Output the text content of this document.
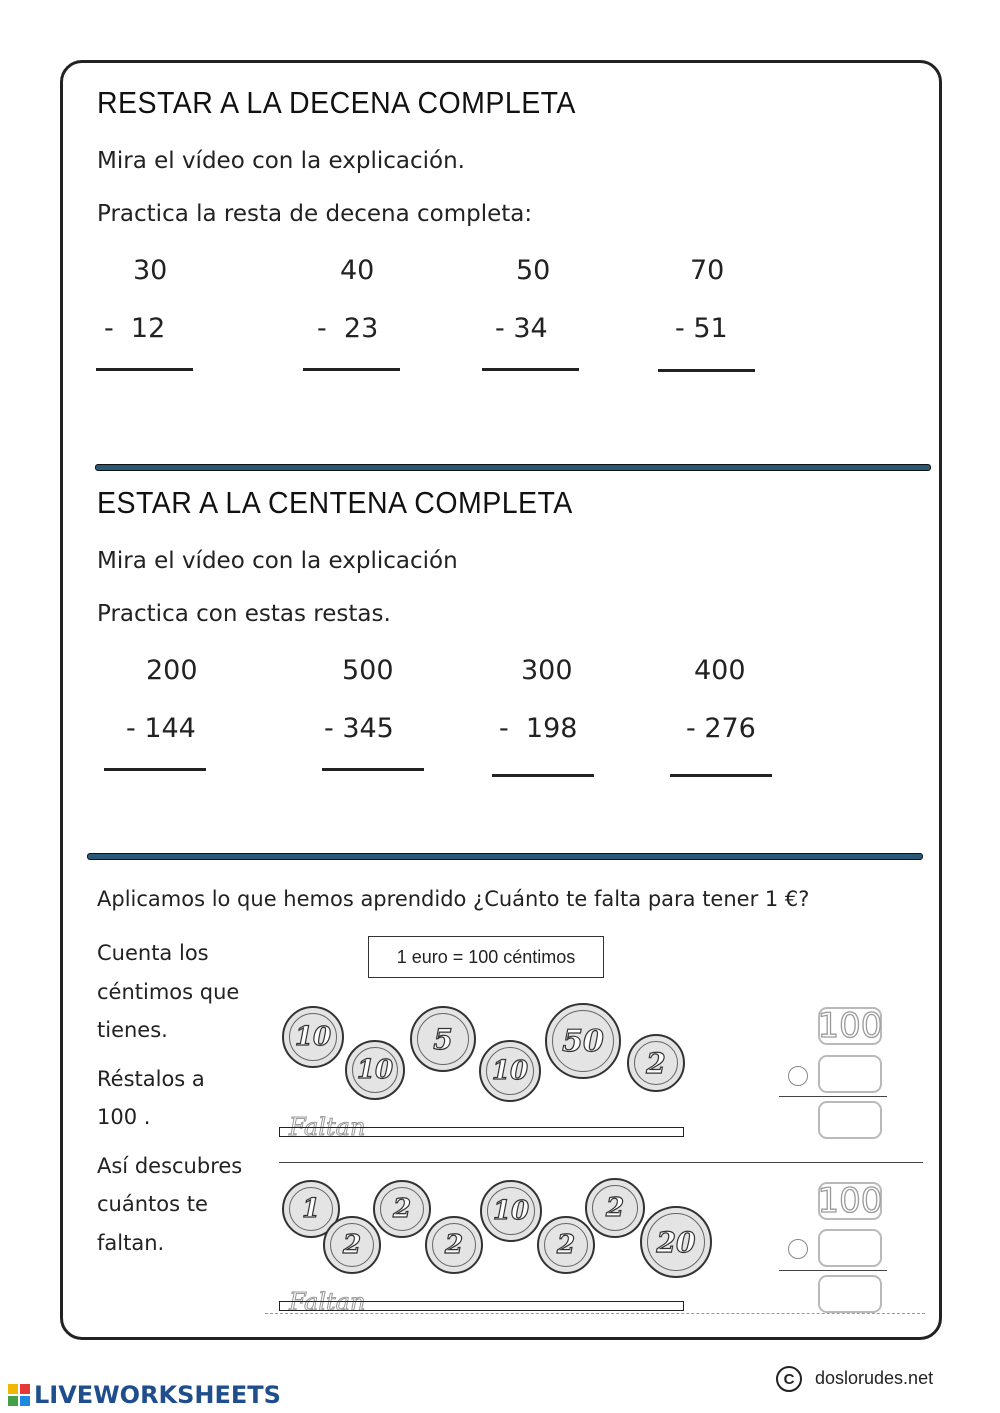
RESTAR A LA DECENA COMPLETA
Mira el vídeo con la explicación.
Practica la resta de decena completa:
30
-  12
40
-  23
50
- 34
70
- 51
ESTAR A LA CENTENA COMPLETA
Mira el vídeo con la explicación
Practica con estas restas.
200
- 144
500
- 345
300
-  198
400
- 276
Aplicamos lo que hemos aprendido ¿Cuánto te falta para tener 1 €?
Cuenta los
céntimos que
tienes.
Réstalos a
100 .
Así descubres
cuántos te
faltan.
1 euro = 100 céntimos
10
10
5
10
50
2
100
Faltan
1
2
2
2
10
2
2
20
100
Faltan
LIVEWORKSHEETS
C	doslorudes.net
